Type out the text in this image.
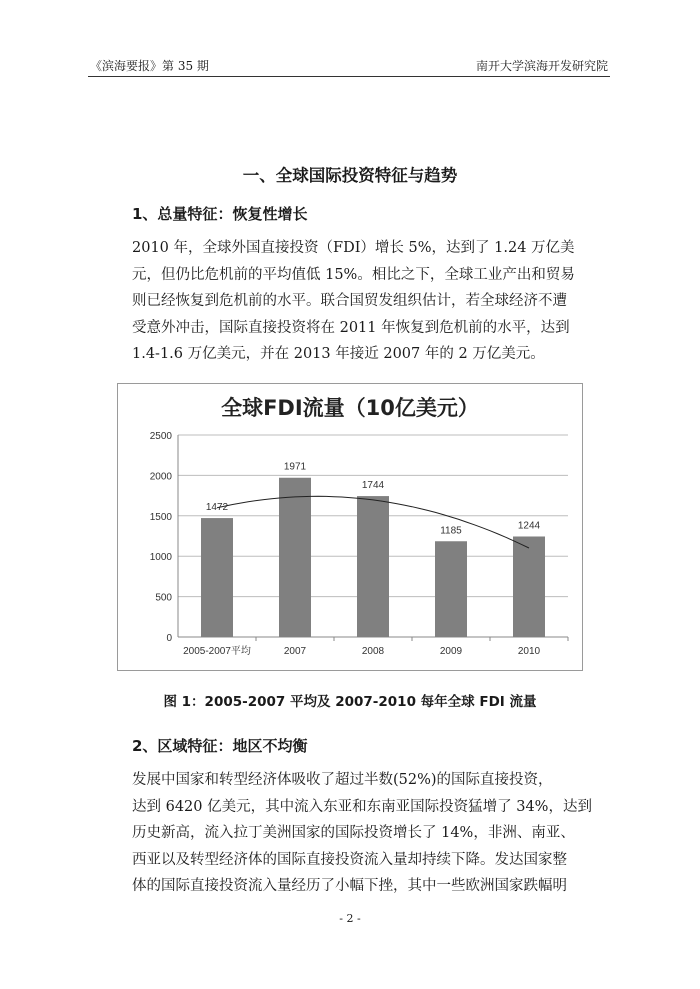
《滨海要报》第 35 期	南开大学滨海开发研究院
一、全球国际投资特征与趋势
1、总量特征：恢复性增长

2010 年，全球外国直接投资（FDI）增长 5%，达到了 1.24 万亿美
元，但仍比危机前的平均值低 15%。相比之下，全球工业产出和贸易
则已经恢复到危机前的水平。联合国贸发组织估计，若全球经济不遭
受意外冲击，国际直接投资将在 2011 年恢复到危机前的水平，达到
1.4-1.6 万亿美元，并在 2013 年接近 2007 年的 2 万亿美元。

全球FDI流量（10亿美元）
0
500
1000
1500
2000
2500
1472
2005-2007平均
1971
2007
1744
2008
1185
2009
1244
2010
图 1：2005-2007 平均及 2007-2010 每年全球 FDI 流量
2、区域特征：地区不均衡

发展中国家和转型经济体吸收了超过半数(52%)的国际直接投资，
达到 6420 亿美元，其中流入东亚和东南亚国际投资猛增了 34%，达到
历史新高，流入拉丁美洲国家的国际投资增长了 14%，非洲、南亚、
西亚以及转型经济体的国际直接投资流入量却持续下降。发达国家整
体的国际直接投资流入量经历了小幅下挫，其中一些欧洲国家跌幅明

- 2 -
